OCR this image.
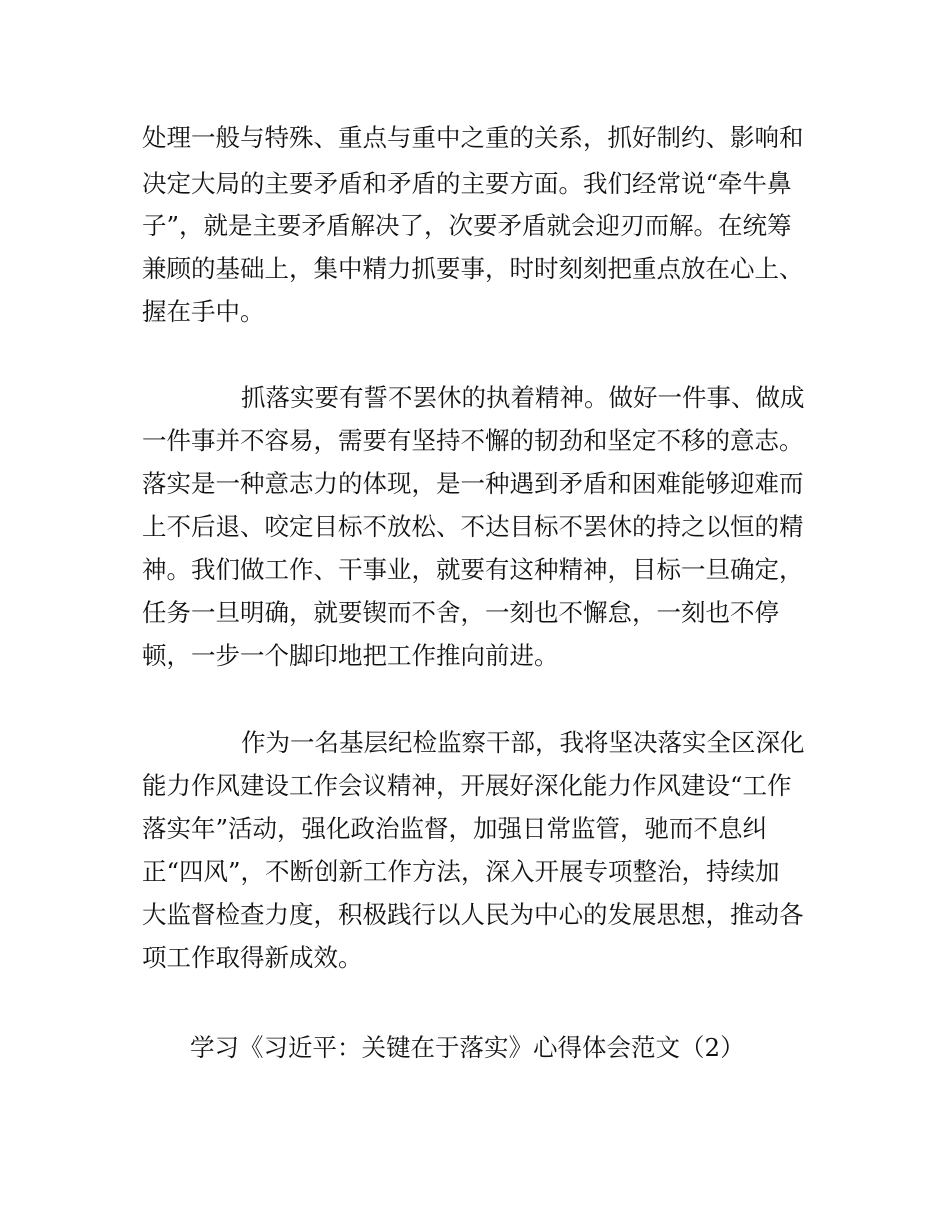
处理一般与特殊、重点与重中之重的关系，抓好制约、影响和

决定大局的主要矛盾和矛盾的主要方面。我们经常说“牵牛鼻

子”，就是主要矛盾解决了，次要矛盾就会迎刃而解。在统筹

兼顾的基础上，集中精力抓要事，时时刻刻把重点放在心上、

握在手中。

抓落实要有誓不罢休的执着精神。做好一件事、做成

一件事并不容易，需要有坚持不懈的韧劲和坚定不移的意志。

落实是一种意志力的体现，是一种遇到矛盾和困难能够迎难而

上不后退、咬定目标不放松、不达目标不罢休的持之以恒的精

神。我们做工作、干事业，就要有这种精神，目标一旦确定，

任务一旦明确，就要锲而不舍，一刻也不懈怠，一刻也不停

顿，一步一个脚印地把工作推向前进。

作为一名基层纪检监察干部，我将坚决落实全区深化

能力作风建设工作会议精神，开展好深化能力作风建设“工作

落实年”活动，强化政治监督，加强日常监管，驰而不息纠

正“四风”，不断创新工作方法，深入开展专项整治，持续加

大监督检查力度，积极践行以人民为中心的发展思想，推动各

项工作取得新成效。

学习《习近平：关键在于落实》心得体会范文（2）
